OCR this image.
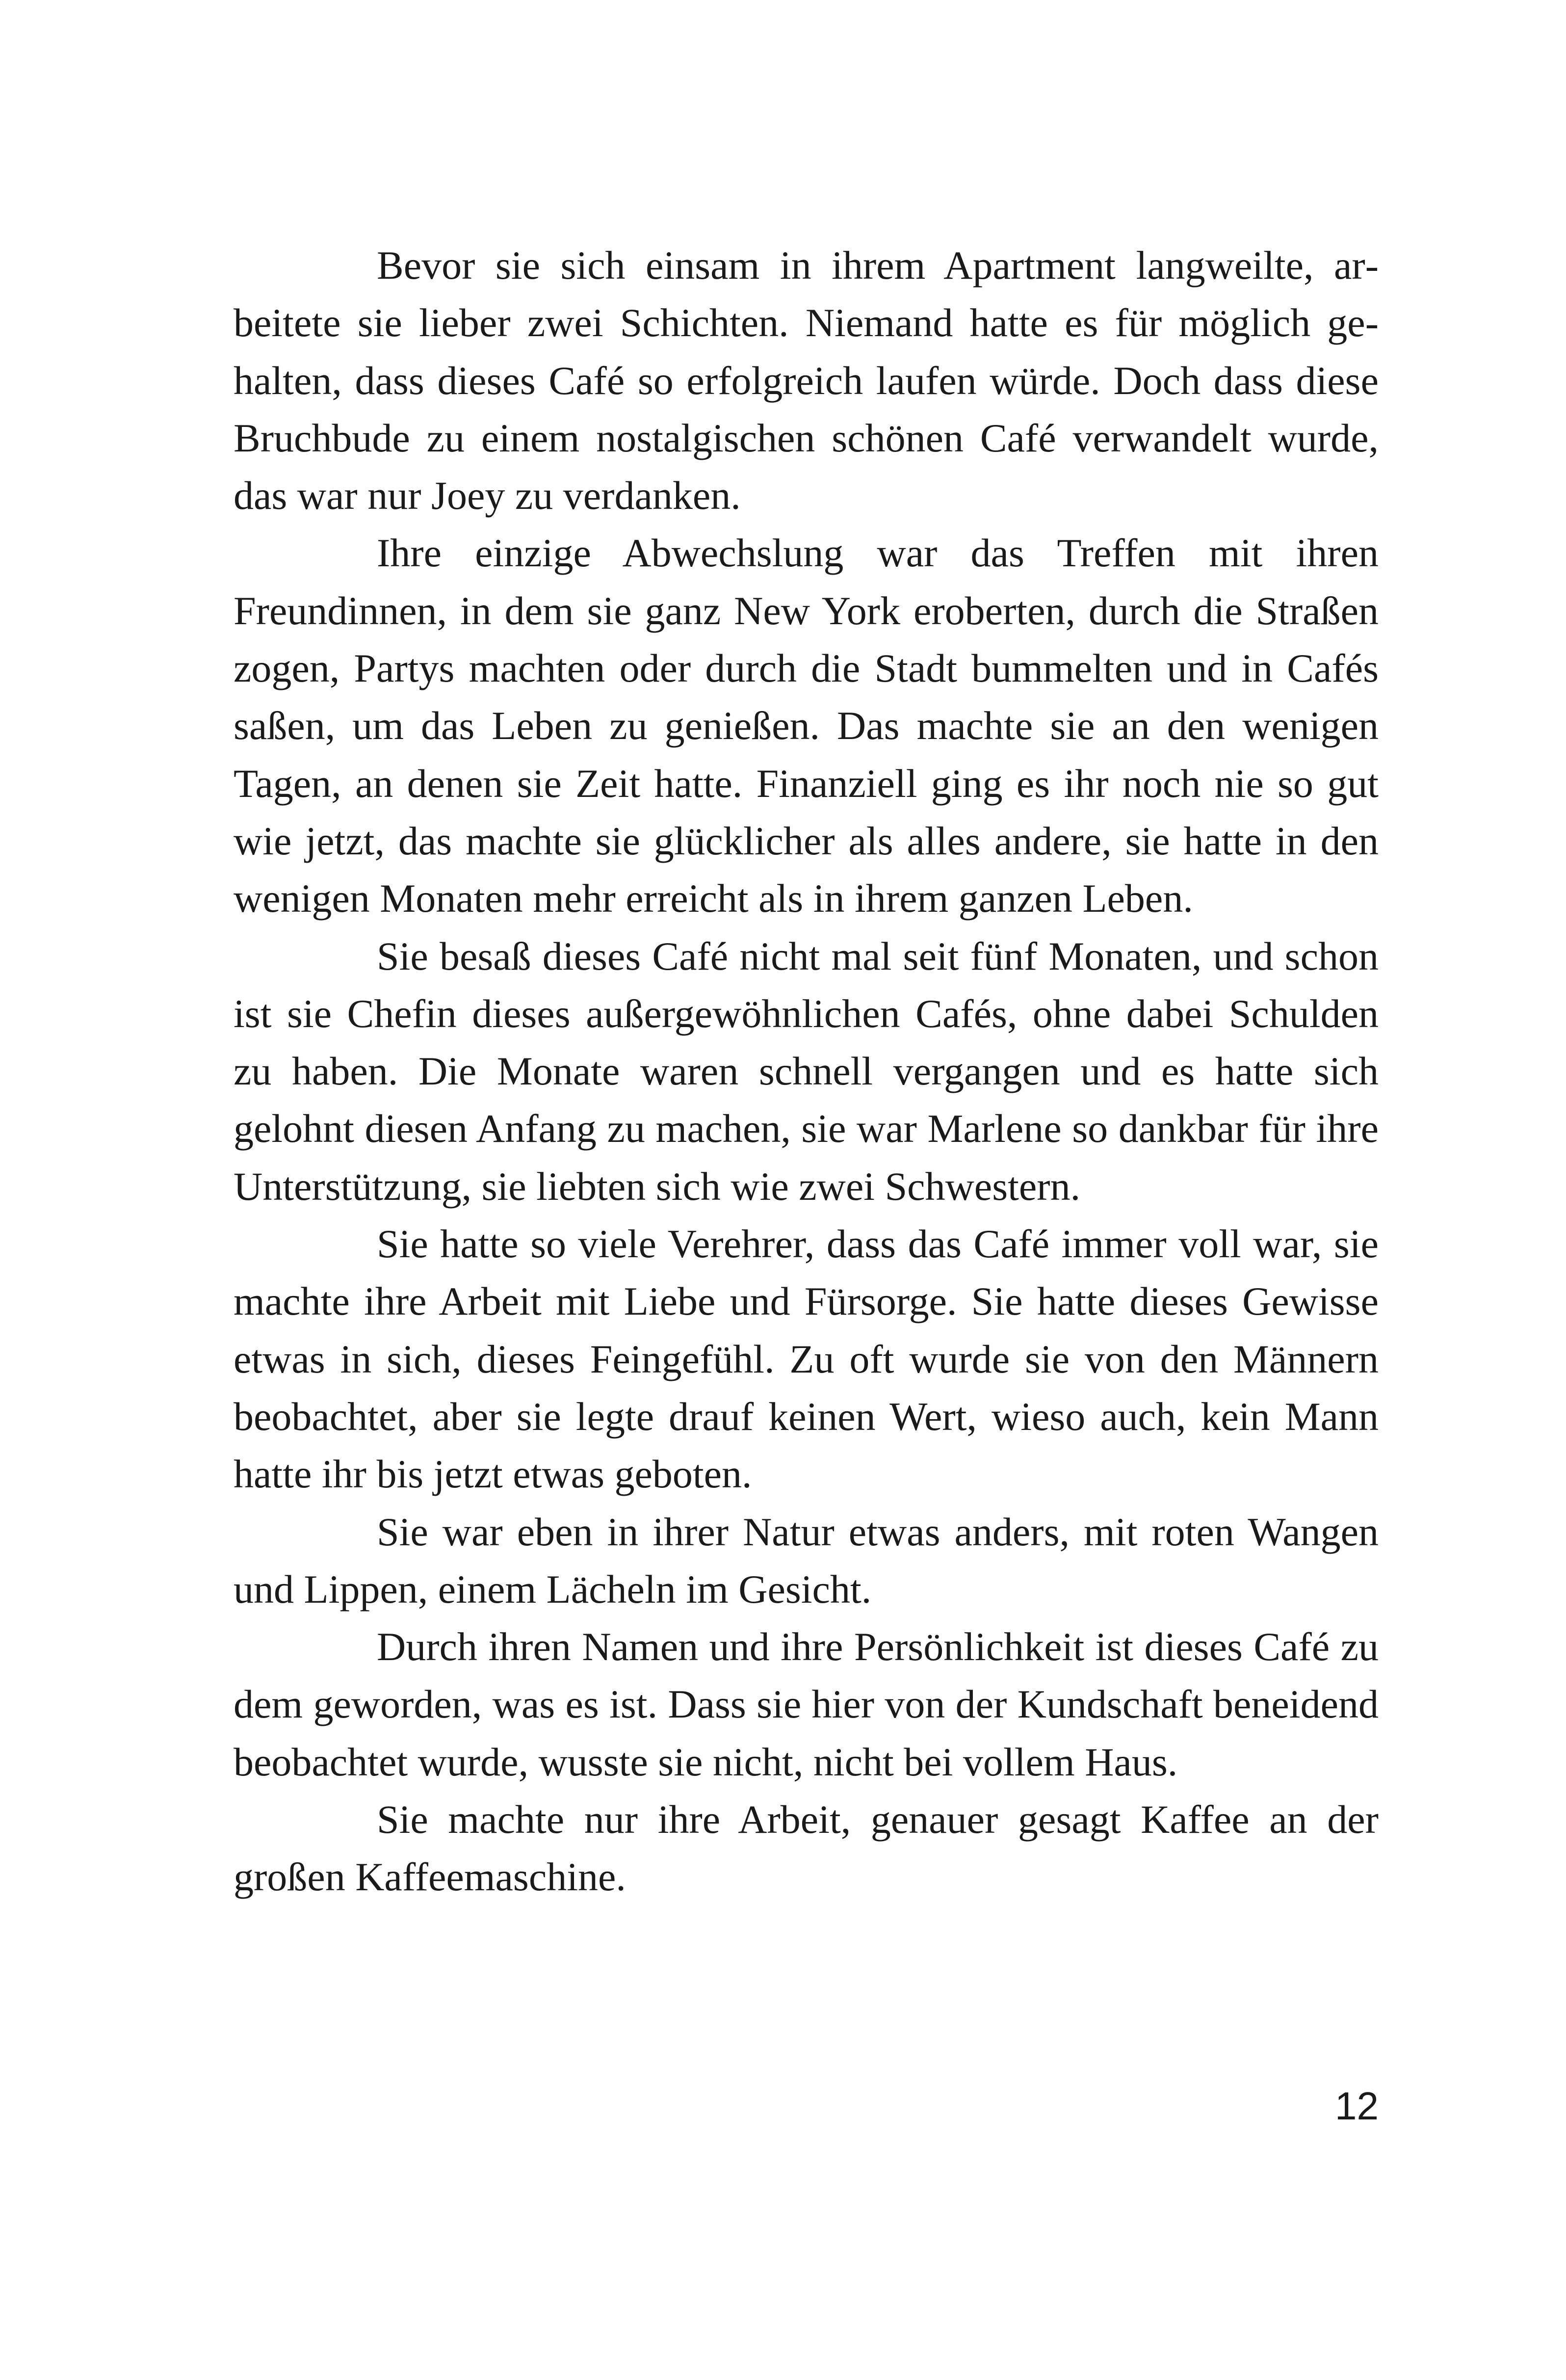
Bevor sie sich einsam in ihrem Apartment langweilte, arbeitete sie lieber zwei Schichten. Niemand hatte es für möglich gehalten, dass dieses Café so erfolgreich laufen würde. Doch dass diese Bruchbude zu einem nostalgischen schönen Café verwandelt wurde, das war nur Joey zu verdanken.

Ihre einzige Abwechslung war das Treffen mit ihren Freundinnen, in dem sie ganz New York eroberten, durch die Straßen zogen, Partys machten oder durch die Stadt bummelten und in Cafés saßen, um das Leben zu genießen. Das machte sie an den wenigen Tagen, an denen sie Zeit hatte. Finanziell ging es ihr noch nie so gut wie jetzt, das machte sie glücklicher als alles andere, sie hatte in den wenigen Monaten mehr erreicht als in ihrem ganzen Leben.

Sie besaß dieses Café nicht mal seit fünf Monaten, und schon ist sie Chefin dieses außergewöhnlichen Cafés, ohne dabei Schulden zu haben. Die Monate waren schnell vergangen und es hatte sich gelohnt diesen Anfang zu machen, sie war Marlene so dankbar für ihre Unterstützung, sie liebten sich wie zwei Schwestern.

Sie hatte so viele Verehrer, dass das Café immer voll war, sie machte ihre Arbeit mit Liebe und Fürsorge. Sie hatte dieses Gewisse etwas in sich, dieses Feingefühl. Zu oft wurde sie von den Männern beobachtet, aber sie legte drauf keinen Wert, wieso auch, kein Mann hatte ihr bis jetzt etwas geboten.

Sie war eben in ihrer Natur etwas anders, mit roten Wangen und Lippen, einem Lächeln im Gesicht.

Durch ihren Namen und ihre Persönlichkeit ist dieses Café zu dem geworden, was es ist. Dass sie hier von der Kundschaft beneidend beobachtet wurde, wusste sie nicht, nicht bei vollem Haus.

Sie machte nur ihre Arbeit, genauer gesagt Kaffee an der großen Kaffeemaschine.

12
